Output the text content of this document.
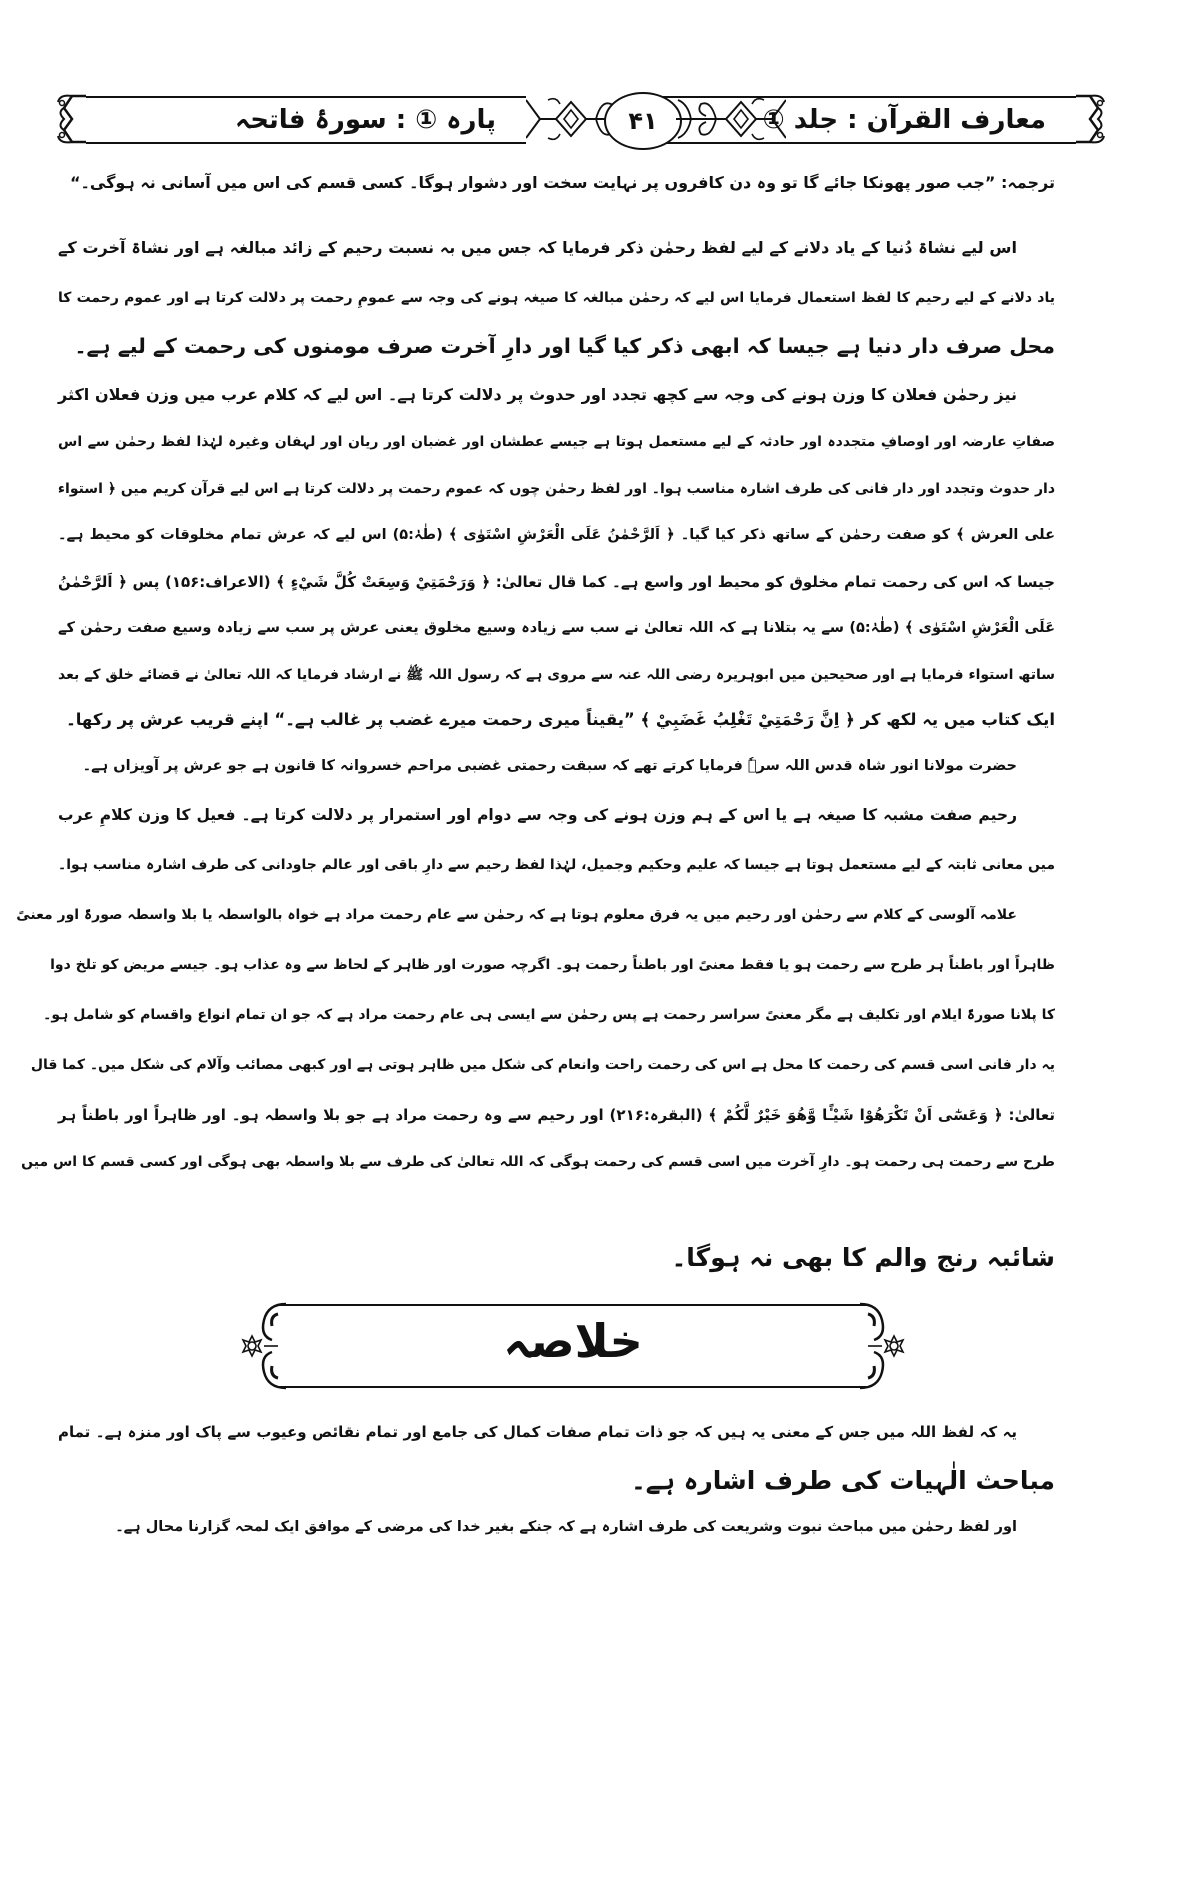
معارف القرآن : جلد ①
۴۱
پارہ ① : سورۂ فاتحہ
ترجمہ: ”جب صور پھونکا جائے گا تو وہ دن کافروں پر نہایت سخت اور دشوار ہوگا۔ کسی قسم کی اس میں آسانی نہ ہوگی۔“
اس لیے نشاۃ دُنیا کے یاد دلانے کے لیے لفظ رحمٰن ذکر فرمایا کہ جس میں بہ نسبت رحیم کے زائد مبالغہ ہے اور نشاۃ آخرت کے
یاد دلانے کے لیے رحیم کا لفظ استعمال فرمایا اس لیے کہ رحمٰن مبالغہ کا صیغہ ہونے کی وجہ سے عمومِ رحمت پر دلالت کرتا ہے اور عموم رحمت کا
محل صرف دار دنیا ہے جیسا کہ ابھی ذکر کیا گیا اور دارِ آخرت صرف مومنوں کی رحمت کے لیے ہے۔
نیز رحمٰن فعلان کا وزن ہونے کی وجہ سے کچھ تجدد اور حدوث پر دلالت کرتا ہے۔ اس لیے کہ کلام عرب میں وزن فعلان اکثر
صفاتِ عارضہ اور اوصافِ متجددہ اور حادثہ کے لیے مستعمل ہوتا ہے جیسے عطشان اور غضبان اور ریان اور لہفان وغیرہ لہٰذا لفظ رحمٰن سے اس
دار حدوث وتجدد اور دار فانی کی طرف اشارہ مناسب ہوا۔ اور لفظ رحمٰن چوں کہ عموم رحمت پر دلالت کرتا ہے اس لیے قرآن کریم میں ﴿ استواء
علی العرش ﴾ کو صفت رحمٰن کے ساتھ ذکر کیا گیا۔ ﴿ اَلرَّحْمٰنُ عَلَى الْعَرْشِ اسْتَوٰى ﴾ (طٰہٰ:۵) اس لیے کہ عرش تمام مخلوقات کو محیط ہے۔
جیسا کہ اس کی رحمت تمام مخلوق کو محیط اور واسع ہے۔ کما قال تعالیٰ: ﴿ وَرَحْمَتِيْ وَسِعَتْ كُلَّ شَيْءٍ ﴾ (الاعراف:۱۵۶) پس ﴿ اَلرَّحْمٰنُ
عَلَى الْعَرْشِ اسْتَوٰى ﴾ (طٰہٰ:۵) سے یہ بتلانا ہے کہ اللہ تعالیٰ نے سب سے زیادہ وسیع مخلوق یعنی عرش پر سب سے زیادہ وسیع صفت رحمٰن کے
ساتھ استواء فرمایا ہے اور صحیحین میں ابوہریرہ رضی اللہ عنہ سے مروی ہے کہ رسول اللہ ﷺ نے ارشاد فرمایا کہ اللہ تعالیٰ نے قضائے خلق کے بعد
ایک کتاب میں یہ لکھ کر ﴿ اِنَّ رَحْمَتِيْ تَغْلِبُ غَضَبِيْ ﴾ ”یقیناً میری رحمت میرے غضب پر غالب ہے۔“ اپنے قریب عرش پر رکھا۔
حضرت مولانا انور شاہ قدس اللہ سرہٗ فرمایا کرتے تھے کہ سبقت رحمتی غضبی مراحم خسروانہ کا قانون ہے جو عرش پر آویزاں ہے۔
رحیم صفت مشبہ کا صیغہ ہے یا اس کے ہم وزن ہونے کی وجہ سے دوام اور استمرار پر دلالت کرتا ہے۔ فعیل کا وزن کلامِ عرب
میں معانی ثابتہ کے لیے مستعمل ہوتا ہے جیسا کہ علیم وحکیم وجمیل، لہٰذا لفظ رحیم سے دارِ باقی اور عالم جاودانی کی طرف اشارہ مناسب ہوا۔
علامہ آلوسی کے کلام سے رحمٰن اور رحیم میں یہ فرق معلوم ہوتا ہے کہ رحمٰن سے عام رحمت مراد ہے خواہ بالواسطہ یا بلا واسطہ صورۃً اور معنیً
ظاہراً اور باطناً ہر طرح سے رحمت ہو یا فقط معنیً اور باطناً رحمت ہو۔ اگرچہ صورت اور ظاہر کے لحاظ سے وہ عذاب ہو۔ جیسے مریض کو تلخ دوا
کا پلانا صورۃً ایلام اور تکلیف ہے مگر معنیً سراسر رحمت ہے پس رحمٰن سے ایسی ہی عام رحمت مراد ہے کہ جو ان تمام انواع واقسام کو شامل ہو۔
یہ دار فانی اسی قسم کی رحمت کا محل ہے اس کی رحمت راحت وانعام کی شکل میں ظاہر ہوتی ہے اور کبھی مصائب وآلام کی شکل میں۔ کما قال
تعالیٰ: ﴿ وَعَسٰٓى اَنْ تَكْرَهُوْا شَيْـًٔا وَّهُوَ خَيْرٌ لَّكُمْ ﴾ (البقرہ:۲۱۶) اور رحیم سے وہ رحمت مراد ہے جو بلا واسطہ ہو۔ اور ظاہراً اور باطناً ہر
طرح سے رحمت ہی رحمت ہو۔ دارِ آخرت میں اسی قسم کی رحمت ہوگی کہ اللہ تعالیٰ کی طرف سے بلا واسطہ بھی ہوگی اور کسی قسم کا اس میں
شائبہ رنج والم کا بھی نہ ہوگا۔
خلاصہ
یہ کہ لفظ اللہ میں جس کے معنی یہ ہیں کہ جو ذات تمام صفات کمال کی جامع اور تمام نقائص وعیوب سے پاک اور منزہ ہے۔ تمام
مباحث الٰہیات کی طرف اشارہ ہے۔
اور لفظ رحمٰن میں مباحث نبوت وشریعت کی طرف اشارہ ہے کہ جنکے بغیر خدا کی مرضی کے موافق ایک لمحہ گزارنا محال ہے۔
